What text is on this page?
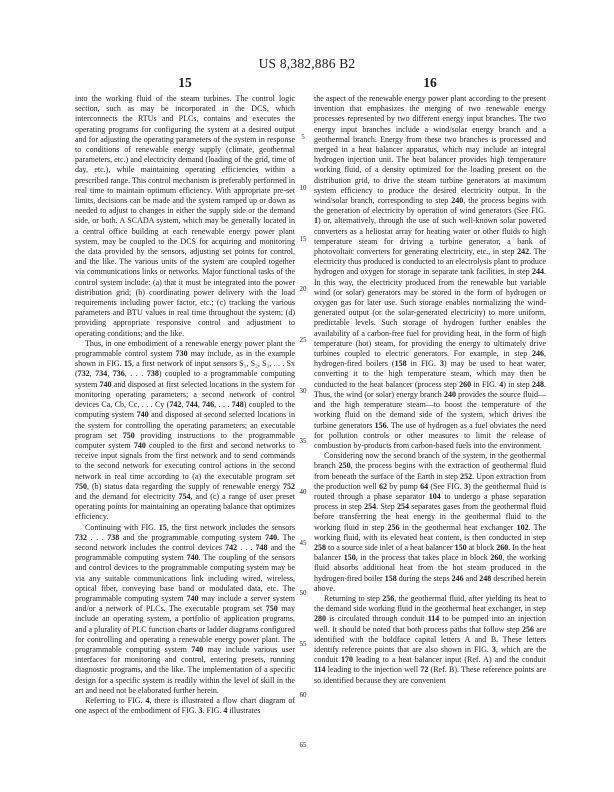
US 8,382,886 B2
15	16
5
10
15
20
25
30
35
40
45
50
55
60
65

into the working fluid of the steam turbines. The control logic section, such as may be incorporated in the DCS, which interconnects the RTUs and PLCs, contains and executes the operating programs for configuring the system at a desired output and for adjusting the operating parameters of the system in response to conditions of renewable energy supply (climate, geothermal parameters, etc.) and electricity demand (loading of the grid, time of day, etc.), while maintaining operating efficiencies within a prescribed range. This control mechanism is preferably performed in real time to maintain optimum efficiency. With appropriate pre-set limits, decisions can be made and the system ramped up or down as needed to adjust to changes in either the supply side or the demand side, or both. A SCADA system, which may be generally located in a central office building at each renewable energy power plant system, may be coupled to the DCS for acquiring and monitoring the data provided by the sensors, adjusting set points for control, and the like. The various units of the system are coupled together via communications links or networks. Major functional tasks of the control system include: (a) that it must be integrated into the power distribution grid; (b) coordinating power delivery with the load requirements including power factor, etc.; (c) tracking the various parameters and BTU values in real time throughout the system; (d) providing appropriate responsive control and adjustment to operating conditions; and the like.

Thus, in one embodiment of a renewable energy power plant the programmable control system 730 may include, as in the example shown in FIG. 15, a first network of input sensors S₁, S₂, S₃, . . . Sx (732, 734, 736, . . . 738) coupled to a programmable computing system 740 and disposed at first selected locations in the system for monitoring operating parameters; a second network of control devices Ca, Cb, Cc, . . . Cy (742, 744, 746, . . . 748) coupled to the computing system 740 and disposed at second selected locations in the system for controlling the operating parameters; an executable program set 750 providing instructions to the programmable computer system 740 coupled to the first and second networks to receive input signals from the first network and to send commands to the second network for executing control actions in the second network in real time according to (a) the executable program set 750, (b) status data regarding the supply of renewable energy 752 and the demand for electricity 754, and (c) a range of user preset operating points for maintaining an operating balance that optimizes efficiency.

Continuing with FIG. 15, the first network includes the sensors 732 . . . 738 and the programmable computing system 740. The second network includes the control devices 742 . . . 748 and the programmable computing system 740. The coupling of the sensors and control devices to the programmable computing system may be via any suitable communications link including wired, wireless, optical fiber, conveying base band or modulated data, etc. The programmable computing system 740 may include a server system and/or a network of PLCs. The executable program set 750 may include an operating system, a portfolio of application programs, and a plurality of PLC function charts or ladder diagrams configured for controlling and operating a renewable energy power plant. The programmable computing system 740 may include various user interfaces for monitoring and control, entering presets, running diagnostic programs, and the like. The implementation of a specific design for a specific system is readily within the level of skill in the art and need not be elaborated further herein.

Referring to FIG. 4, there is illustrated a flow chart diagram of one aspect of the embodiment of FIG. 3. FIG. 4 illustrates

the aspect of the renewable energy power plant according to the present invention that emphasizes the merging of two renewable energy processes represented by two different energy input branches. The two energy input branches include a wind/solar energy branch and a geothermal branch. Energy from these two branches is processed and merged in a heat balancer apparatus, which may include an integral hydrogen injection unit. The heat balancer provides high temperature working fluid, of a density optimized for the loading present on the distribution grid, to drive the steam turbine generators at maximum system efficiency to produce the desired electricity output. In the wind/solar branch, corresponding to step 240, the process begins with the generation of electricity by operation of wind generators (See FIG. 1) or, alternatively, through the use of such well-known solar powered converters as a heliostat array for heating water or other fluids to high temperature steam for driving a turbine generator, a bank of photovoltaic converters for generating electricity, etc., in step 242. The electricity thus produced is conducted to an electrolysis plant to produce hydrogen and oxygen for storage in separate tank facilities, in step 244. In this way, the electricity produced from the renewable but variable wind (or solar) generators may be stored in the form of hydrogen or oxygen gas for later use. Such storage enables normalizing the wind-generated output (or the solar-generated electricity) to more uniform, predictable levels. Such storage of hydrogen further enables the availability of a carbon-free fuel for providing heat, in the form of high temperature (hot) steam, for providing the energy to ultimately drive turbines coupled to electric generators. For example, in step 246, hydrogen-fired boilers (158 in FIG. 3) may be used to heat water, converting it to the high temperature steam, which may then be conducted to the heat balancer (process step 260 in FIG. 4) in step 248. Thus, the wind (or solar) energy branch 240 provides the source fluid—and the high temperature steam—to boost the temperature of the working fluid on the demand side of the system, which drives the turbine generators 156. The use of hydrogen as a fuel obviates the need for pollution controls or other measures to limit the release of combustion by-products from carbon-based fuels into the environment.

Considering now the second branch of the system, in the geothermal branch 250, the process begins with the extraction of geothermal fluid from beneath the surface of the Earth in step 252. Upon extraction from the production well 62 by pump 64 (See FIG. 3) the geothermal fluid is routed through a phase separator 104 to undergo a phase separation process in step 254. Step 254 separates gases from the geothermal fluid before transferring the heat energy in the geothermal fluid to the working fluid in step 256 in the geothermal heat exchanger 102. The working fluid, with its elevated heat content, is then conducted in step 258 to a source side inlet of a heat balancer 150 at block 260. In the heat balancer 150, in the process that takes place in block 260, the working fluid absorbs additional heat from the hot steam produced in the hydrogen-fired boiler 158 during the steps 246 and 248 described herein above.

Returning to step 256, the geothermal fluid, after yielding its heat to the demand side working fluid in the geothermal heat exchanger, in step 280 is circulated through conduit 114 to be pumped into an injection well. It should be noted that both process paths that follow step 256 are identified with the boldface capital letters A and B. These letters identify reference points that are also shown in FIG. 3, which are the conduit 170 leading to a heat balancer input (Ref. A) and the conduit 114 leading to the injection well 72 (Ref. B). These reference points are so identified because they are convenient
